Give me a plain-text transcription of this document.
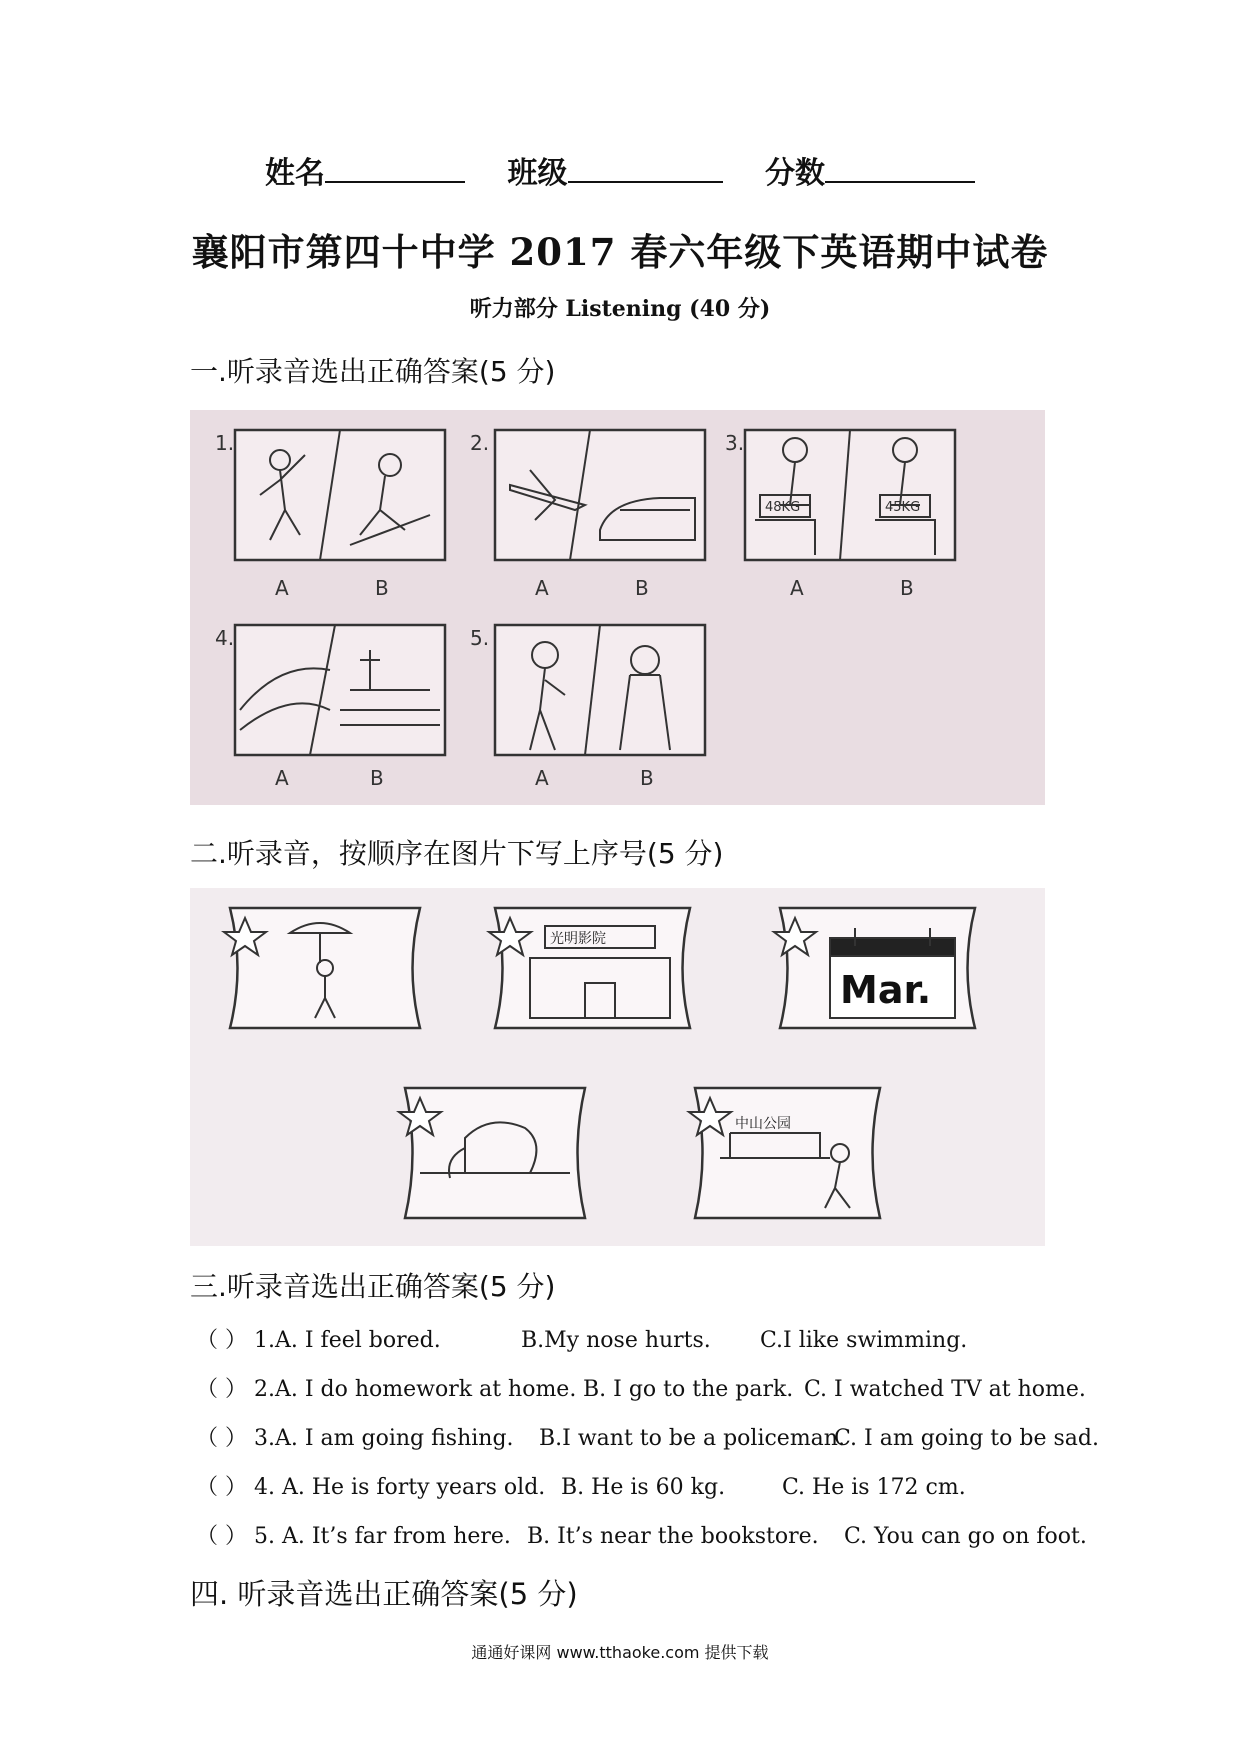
姓名	班级	分数
襄阳市第四十中学 2017 春六年级下英语期中试卷
听力部分 Listening (40 分)
一.听录音选出正确答案(5 分)
48KG	45KG
1.	2.	3.
4.	5.
A	B	A	B	A	B
A	B	A	B
二.听录音，按顺序在图片下写上序号(5 分)
光明影院
Mar.
中山公园
三.听录音选出正确答案(5 分)
（ ） 1.A. I feel bored.	B.My nose hurts. C.I like swimming.
（ ） 2.A. I do homework at home. B. I go to the park. C. I watched TV at home.
（ ） 3.A. I am going fishing. B.I want to be a policeman. C. I am going to be sad.
（ ） 4. A. He is forty years old. B. He is 60 kg.	C. He is 172 cm.
（ ） 5. A. It’s far from here. B. It’s near the bookstore. C. You can go on foot.
四. 听录音选出正确答案(5 分)
通通好课网 www.tthaoke.com 提供下载
